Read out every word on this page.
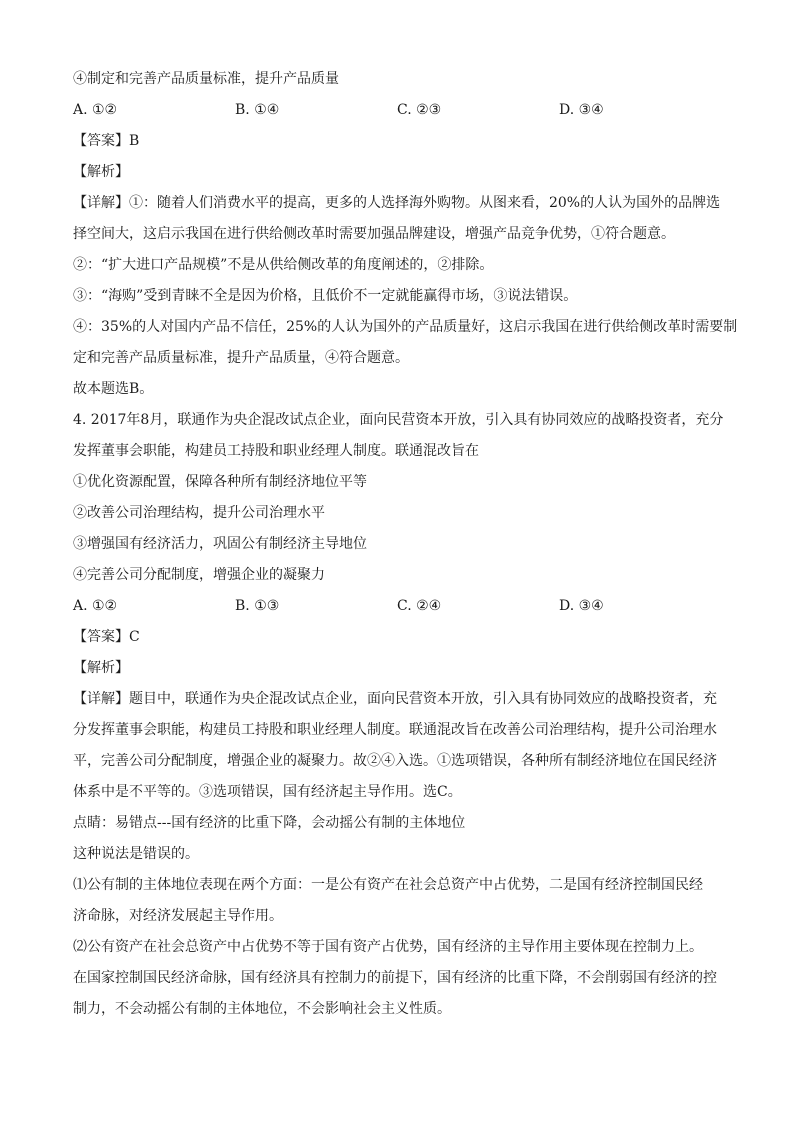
④制定和完善产品质量标准，提升产品质量
A. ①②	B. ①④	C. ②③	D. ③④
【答案】B
【解析】

【详解】①：随着人们消费水平的提高，更多的人选择海外购物。从图来看，20%的人认为国外的品牌选
择空间大，这启示我国在进行供给侧改革时需要加强品牌建设，增强产品竞争优势，①符合题意。

②：“扩大进口产品规模”不是从供给侧改革的角度阐述的，②排除。
③：“海购”受到青睐不全是因为价格，且低价不一定就能赢得市场，③说法错误。

④：35%的人对国内产品不信任，25%的人认为国外的产品质量好，这启示我国在进行供给侧改革时需要制
定和完善产品质量标准，提升产品质量，④符合题意。

故本题选B。

4. 2017年8月，联通作为央企混改试点企业，面向民营资本开放，引入具有协同效应的战略投资者，充分
发挥董事会职能，构建员工持股和职业经理人制度。联通混改旨在

①优化资源配置，保障各种所有制经济地位平等
②改善公司治理结构，提升公司治理水平
③增强国有经济活力，巩固公有制经济主导地位
④完善公司分配制度，增强企业的凝聚力
A. ①②	B. ①③	C. ②④	D. ③④
【答案】C
【解析】

【详解】题目中，联通作为央企混改试点企业，面向民营资本开放，引入具有协同效应的战略投资者，充
分发挥董事会职能，构建员工持股和职业经理人制度。联通混改旨在改善公司治理结构，提升公司治理水
平，完善公司分配制度，增强企业的凝聚力。故②④入选。①选项错误，各种所有制经济地位在国民经济
体系中是不平等的。③选项错误，国有经济起主导作用。选C。

点睛：易错点---国有经济的比重下降，会动摇公有制的主体地位
这种说法是错误的。

⑴公有制的主体地位表现在两个方面：一是公有资产在社会总资产中占优势，二是国有经济控制国民经
济命脉，对经济发展起主导作用。

⑵公有资产在社会总资产中占优势不等于国有资产占优势，国有经济的主导作用主要体现在控制力上。
在国家控制国民经济命脉，国有经济具有控制力的前提下，国有经济的比重下降，不会削弱国有经济的控
制力，不会动摇公有制的主体地位，不会影响社会主义性质。
